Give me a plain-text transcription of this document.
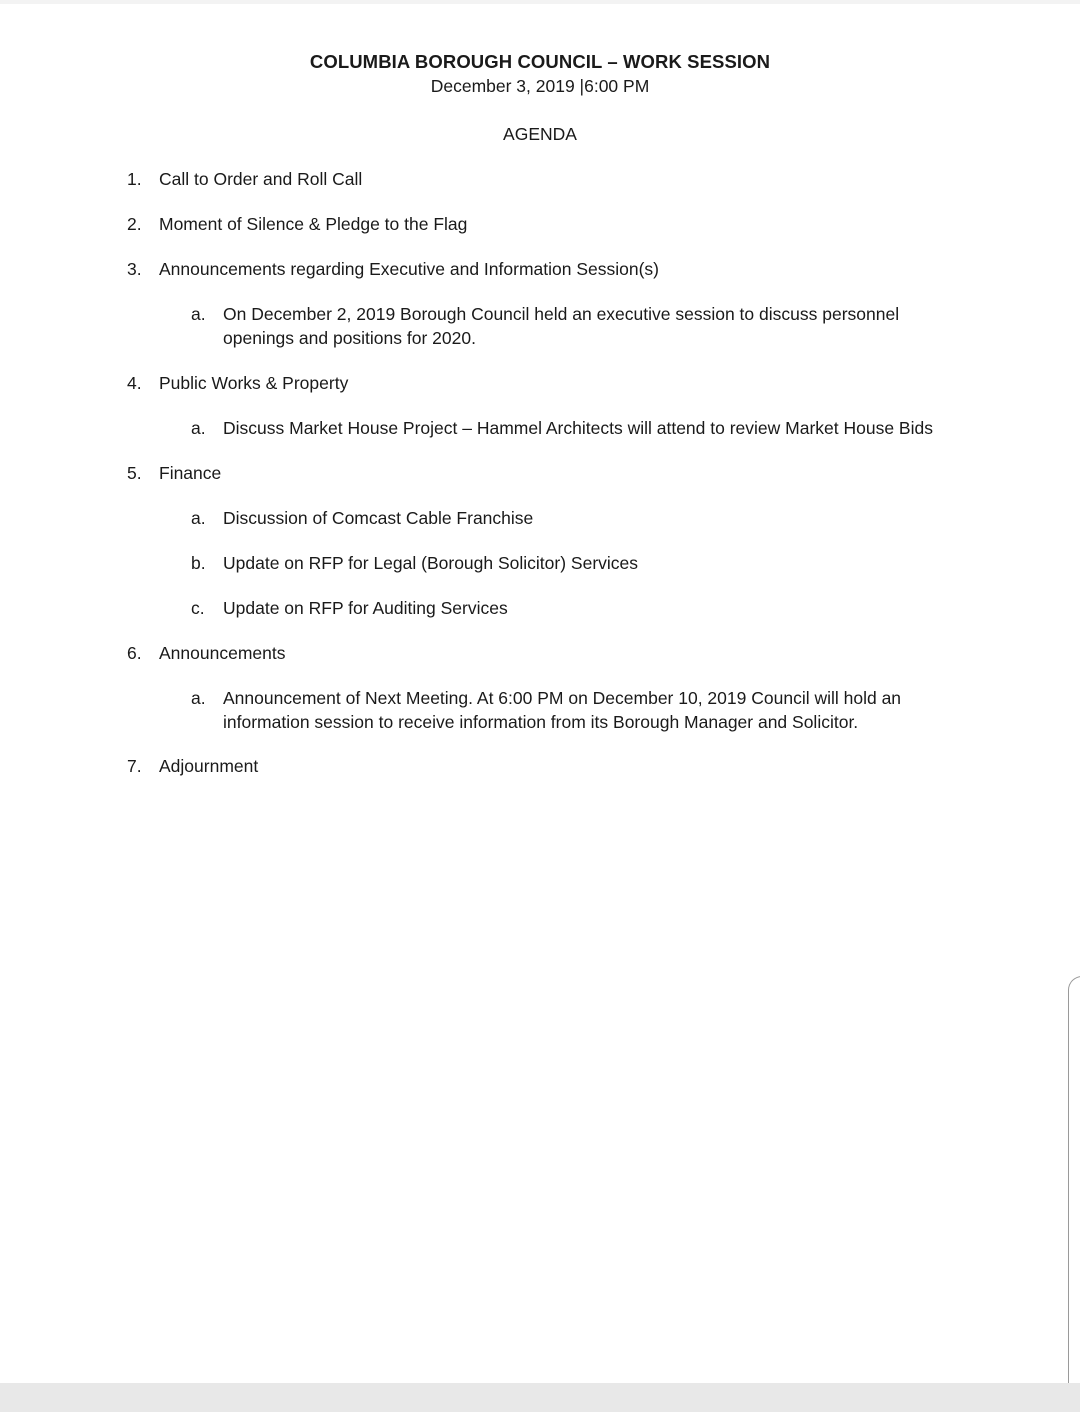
COLUMBIA BOROUGH COUNCIL – WORK SESSION
December 3, 2019 |6:00 PM
AGENDA
1. Call to Order and Roll Call
2. Moment of Silence & Pledge to the Flag
3. Announcements regarding Executive and Information Session(s)
a. On December 2, 2019 Borough Council held an executive session to discuss personnel
openings and positions for 2020.
4. Public Works & Property
a. Discuss Market House Project – Hammel Architects will attend to review Market House Bids
5. Finance
a. Discussion of Comcast Cable Franchise
b. Update on RFP for Legal (Borough Solicitor) Services
c. Update on RFP for Auditing Services
6. Announcements
a. Announcement of Next Meeting. At 6:00 PM on December 10, 2019 Council will hold an
information session to receive information from its Borough Manager and Solicitor.
7. Adjournment
